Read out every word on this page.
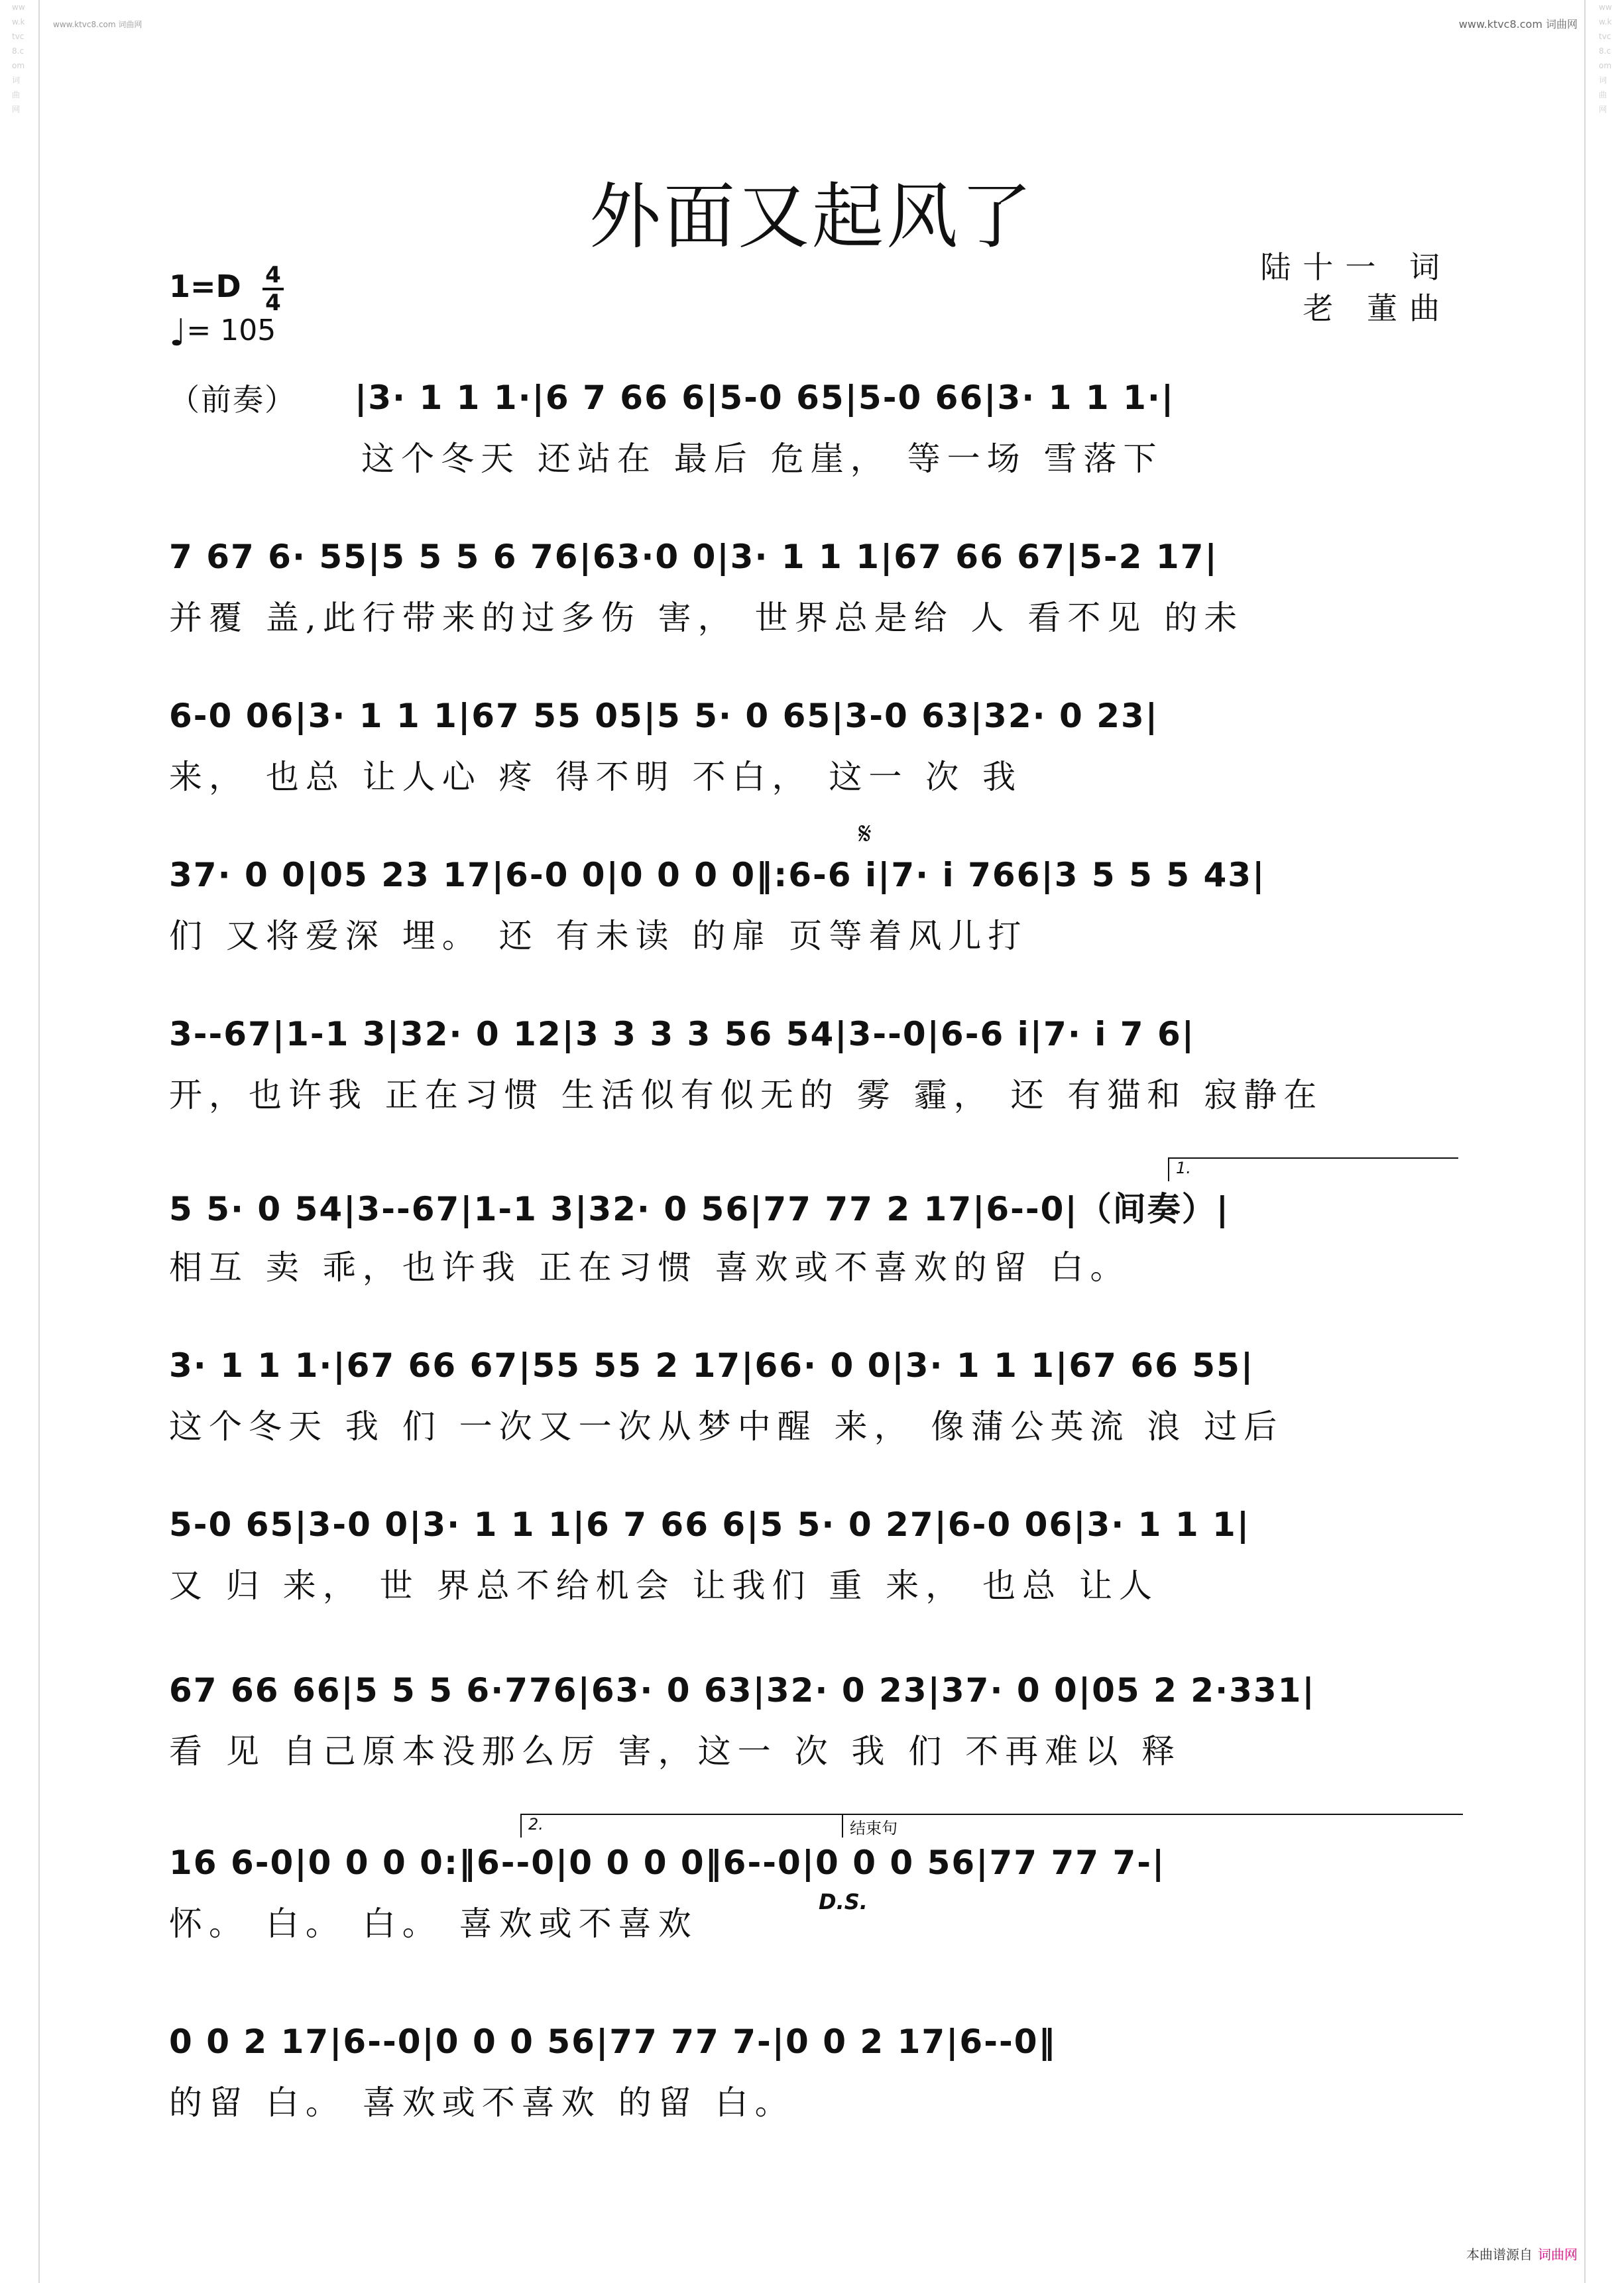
www.ktvc8.com 词曲网
www.ktvc8.com 词曲网
www.ktvc8.com 词曲网	www.ktvc8.com 词曲网
外面又起风了
陆十一 词
老 董曲
1=D 4
4
♩= 105
|3· 1 1 1·|6 7 66 6|5-0 65|5-0 66|3· 1 1 1·|
（前奏）
这个冬天 还站在 最后 危崖， 等一场 雪落下
7 67 6· 55|5 5 5 6 76|63·0 0|3· 1 1 1|67 66 67|5-2 17|
并覆 盖,此行带来的过多伤 害， 世界总是给 人 看不见 的未
6-0 06|3· 1 1 1|67 55 05|5 5· 0 65|3-0 63|32· 0 23|
来， 也总 让人心 疼 得不明 不白， 这一 次 我
𝄋
37· 0 0|05 23 17|6-0 0|0 0 0 0‖:6-6 i|7· i 766|3 5 5 5 43|
们 又将爱深 埋。 还 有未读 的扉 页等着风儿打
3--67|1-1 3|32· 0 12|3 3 3 3 56 54|3--0|6-6 i|7· i 7 6|
开，也许我 正在习惯 生活似有似无的 雾 霾， 还 有猫和 寂静在
1.
5 5· 0 54|3--67|1-1 3|32· 0 56|77 77 2 17|6--0|（间奏）|
相互 卖 乖，也许我 正在习惯 喜欢或不喜欢的留 白。
3· 1 1 1·|67 66 67|55 55 2 17|66· 0 0|3· 1 1 1|67 66 55|
这个冬天 我 们 一次又一次从梦中醒 来， 像蒲公英流 浪 过后
5-0 65|3-0 0|3· 1 1 1|6 7 66 6|5 5· 0 27|6-0 06|3· 1 1 1|
又 归 来， 世 界总不给机会 让我们 重 来， 也总 让人
67 66 66|5 5 5 6·776|63· 0 63|32· 0 23|37· 0 0|05 2 2·331|
看 见 自己原本没那么厉 害，这一 次 我 们 不再难以 释
2.	结束句
D.S.
16 6-0|0 0 0 0:‖6--0|0 0 0 0‖6--0|0 0 0 56|77 77 7-|
怀。 白。 白。 喜欢或不喜欢
0 0 2 17|6--0|0 0 0 56|77 77 7-|0 0 2 17|6--0‖
的留 白。 喜欢或不喜欢 的留 白。
本曲谱源自 词曲网
